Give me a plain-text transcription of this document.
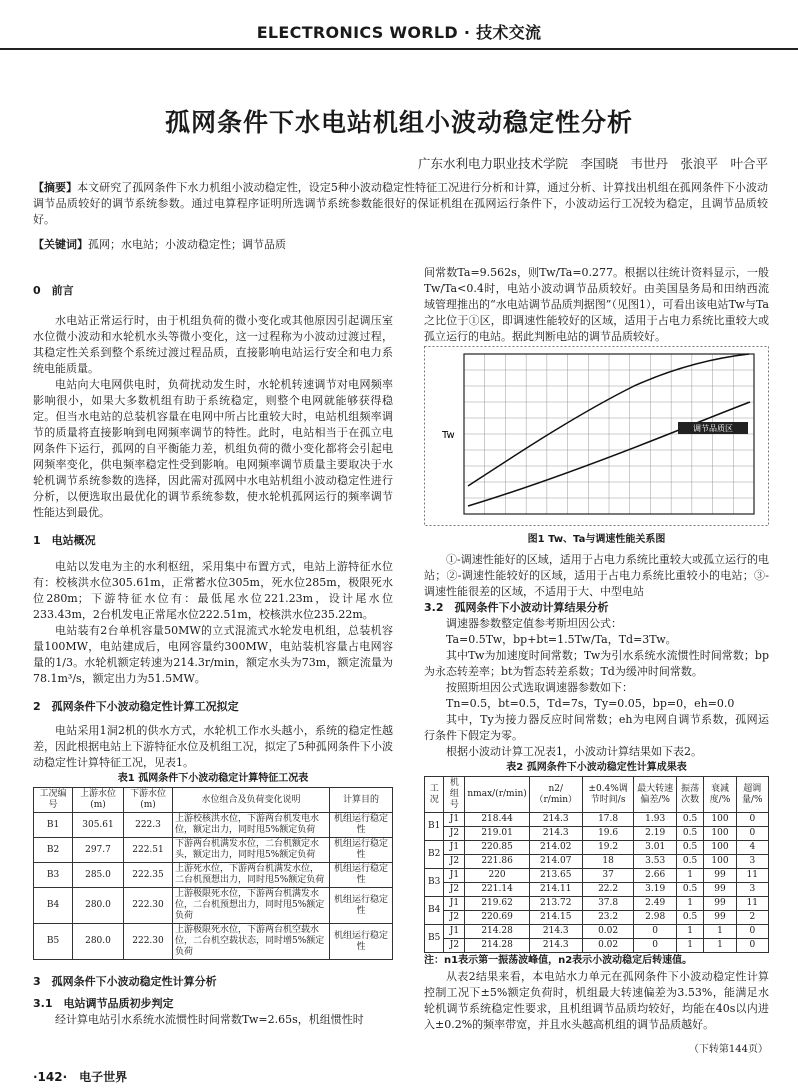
ELECTRONICS WORLD · 技术交流
孤网条件下水电站机组小波动稳定性分析
广东水利电力职业技术学院　李国晓　韦世丹　张浪平　叶合平
【摘要】本文研究了孤网条件下水力机组小波动稳定性，设定5种小波动稳定性特征工况进行分析和计算，通过分析、计算找出机组在孤网条件下小波动调节品质较好的调节系统参数。通过电算程序证明所选调节系统参数能很好的保证机组在孤网运行条件下，小波动运行工况较为稳定，且调节品质较好。
【关键词】孤网；水电站；小波动稳定性；调节品质

0　前言

水电站正常运行时，由于机组负荷的微小变化或其他原因引起调压室水位微小波动和水轮机水头等微小变化，这一过程称为小波动过渡过程，其稳定性关系到整个系统过渡过程品质，直接影响电站运行安全和电力系统电能质量。

电站向大电网供电时，负荷扰动发生时，水轮机转速调节对电网频率影响很小，如果大多数机组有助于系统稳定，则整个电网就能够获得稳定。但当水电站的总装机容量在电网中所占比重较大时，电站机组频率调节的质量将直接影响到电网频率调节的特性。此时，电站相当于在孤立电网条件下运行，孤网的自平衡能力差，机组负荷的微小变化都将会引起电网频率变化，供电频率稳定性受到影响。电网频率调节质量主要取决于水轮机调节系统参数的选择，因此需对孤网中水电站机组小波动稳定性进行分析，以便选取出最优化的调节系统参数，使水轮机孤网运行的频率调节性能达到最优。

1　电站概况

电站以发电为主的水利枢纽，采用集中布置方式，电站上游特征水位有：校核洪水位305.61m，正常蓄水位305m，死水位285m，极限死水位280m；下游特征水位有：最低尾水位221.23m，设计尾水位233.43m，2台机发电正常尾水位222.51m，校核洪水位235.22m。

电站装有2台单机容量50MW的立式混流式水轮发电机组，总装机容量100MW，电站建成后，电网容量约300MW，电站装机容量占电网容量的1/3。水轮机额定转速为214.3r/min，额定水头为73m，额定流量为78.1m³/s，额定出力为51.5MW。

2　孤网条件下小波动稳定性计算工况拟定

电站采用1洞2机的供水方式，水轮机工作水头越小，系统的稳定性越差，因此根据电站上下游特征水位及机组工况，拟定了5种孤网条件下小波动稳定性计算特征工况，见表1。

表1 孤网条件下小波动稳定计算特征工况表

工况编号	上游水位(m)	下游水位(m)	水位组合及负荷变化说明	计算目的
B1	305.61	222.3	上游校核洪水位，下游两台机发电水位，额定出力，同时甩5%额定负荷	机组运行稳定性
B2	297.7	222.51	下游两台机满发水位，二台机额定水头，额定出力，同时甩5%额定负荷	机组运行稳定性
B3	285.0	222.35	上游死水位，下游两台机满发水位，二台机预想出力，同时甩5%额定负荷	机组运行稳定性
B4	280.0	222.30	上游极限死水位，下游两台机满发水位，二台机预想出力，同时甩5%额定负荷	机组运行稳定性
B5	280.0	222.30	上游极限死水位，下游两台机空载水位，二台机空载状态，同时增5%额定负荷	机组运行稳定性

3　孤网条件下小波动稳定性计算分析

3.1　电站调节品质初步判定

经计算电站引水系统水流惯性时间常数Tw=2.65s，机组惯性时

间常数Ta=9.562s，则Tw/Ta=0.277。根据以往统计资料显示，一般Tw/Ta<0.4时，电站小波动调节品质较好。由美国垦务局和田纳西流域管理推出的“水电站调节品质判据图”（见图1），可看出该电站Tw与Ta之比位于①区，即调速性能较好的区域，适用于占电力系统比重较大或孤立运行的电站。据此判断电站的调节品质较好。

调节品质区
Tw

图1 Tw、Ta与调速性能关系图

①-调速性能好的区域，适用于占电力系统比重较大或孤立运行的电站；②-调速性能较好的区域，适用于占电力系统比重较小的电站；③-调速性能很差的区域，不适用于大、中型电站

3.2　孤网条件下小波动计算结果分析

调速器参数整定值参考斯坦因公式：

Ta=0.5Tw，bp+bt=1.5Tw/Ta，Td=3Tw。

其中Tw为加速度时间常数；Tw为引水系统水流惯性时间常数；bp为永态转差率；bt为暂态转差系数；Td为缓冲时间常数。

按照斯坦因公式选取调速器参数如下：

Tn=0.5，bt=0.5，Td=7s，Ty=0.05，bp=0，eh=0.0

其中，Ty为接力器反应时间常数；eh为电网自调节系数，孤网运行条件下假定为零。

根据小波动计算工况表1，小波动计算结果如下表2。

表2 孤网条件下小波动稳定性计算成果表

工况	机组号	nmax/(r/min)	n2/（r/min）	±0.4%调节时间/s	最大转速偏差/%	振荡次数	衰减度/%	超调量/%
B1	J1	218.44	214.3	17.8	1.93	0.5	100	0
	J2	219.01	214.3	19.6	2.19	0.5	100	0
B2	J1	220.85	214.02	19.2	3.01	0.5	100	4
	J2	221.86	214.07	18	3.53	0.5	100	3
B3	J1	220	213.65	37	2.66	1	99	11
	J2	221.14	214.11	22.2	3.19	0.5	99	3
B4	J1	219.62	213.72	37.8	2.49	1	99	11
	J2	220.69	214.15	23.2	2.98	0.5	99	2
B5	J1	214.28	214.3	0.02	0	1	1	0
	J2	214.28	214.3	0.02	0	1	1	0
注：n1表示第一振荡波峰值，n2表示小波动稳定后转速值。

从表2结果来看，本电站水力单元在孤网条件下小波动稳定性计算控制工况下±5%额定负荷时，机组最大转速偏差为3.53%，能满足水轮机调节系统稳定性要求，且机组调节品质均较好，均能在40s以内进入±0.2%的频率带宽，并且水头越高机组的调节品质越好。

（下转第144页）
·142·　电子世界
